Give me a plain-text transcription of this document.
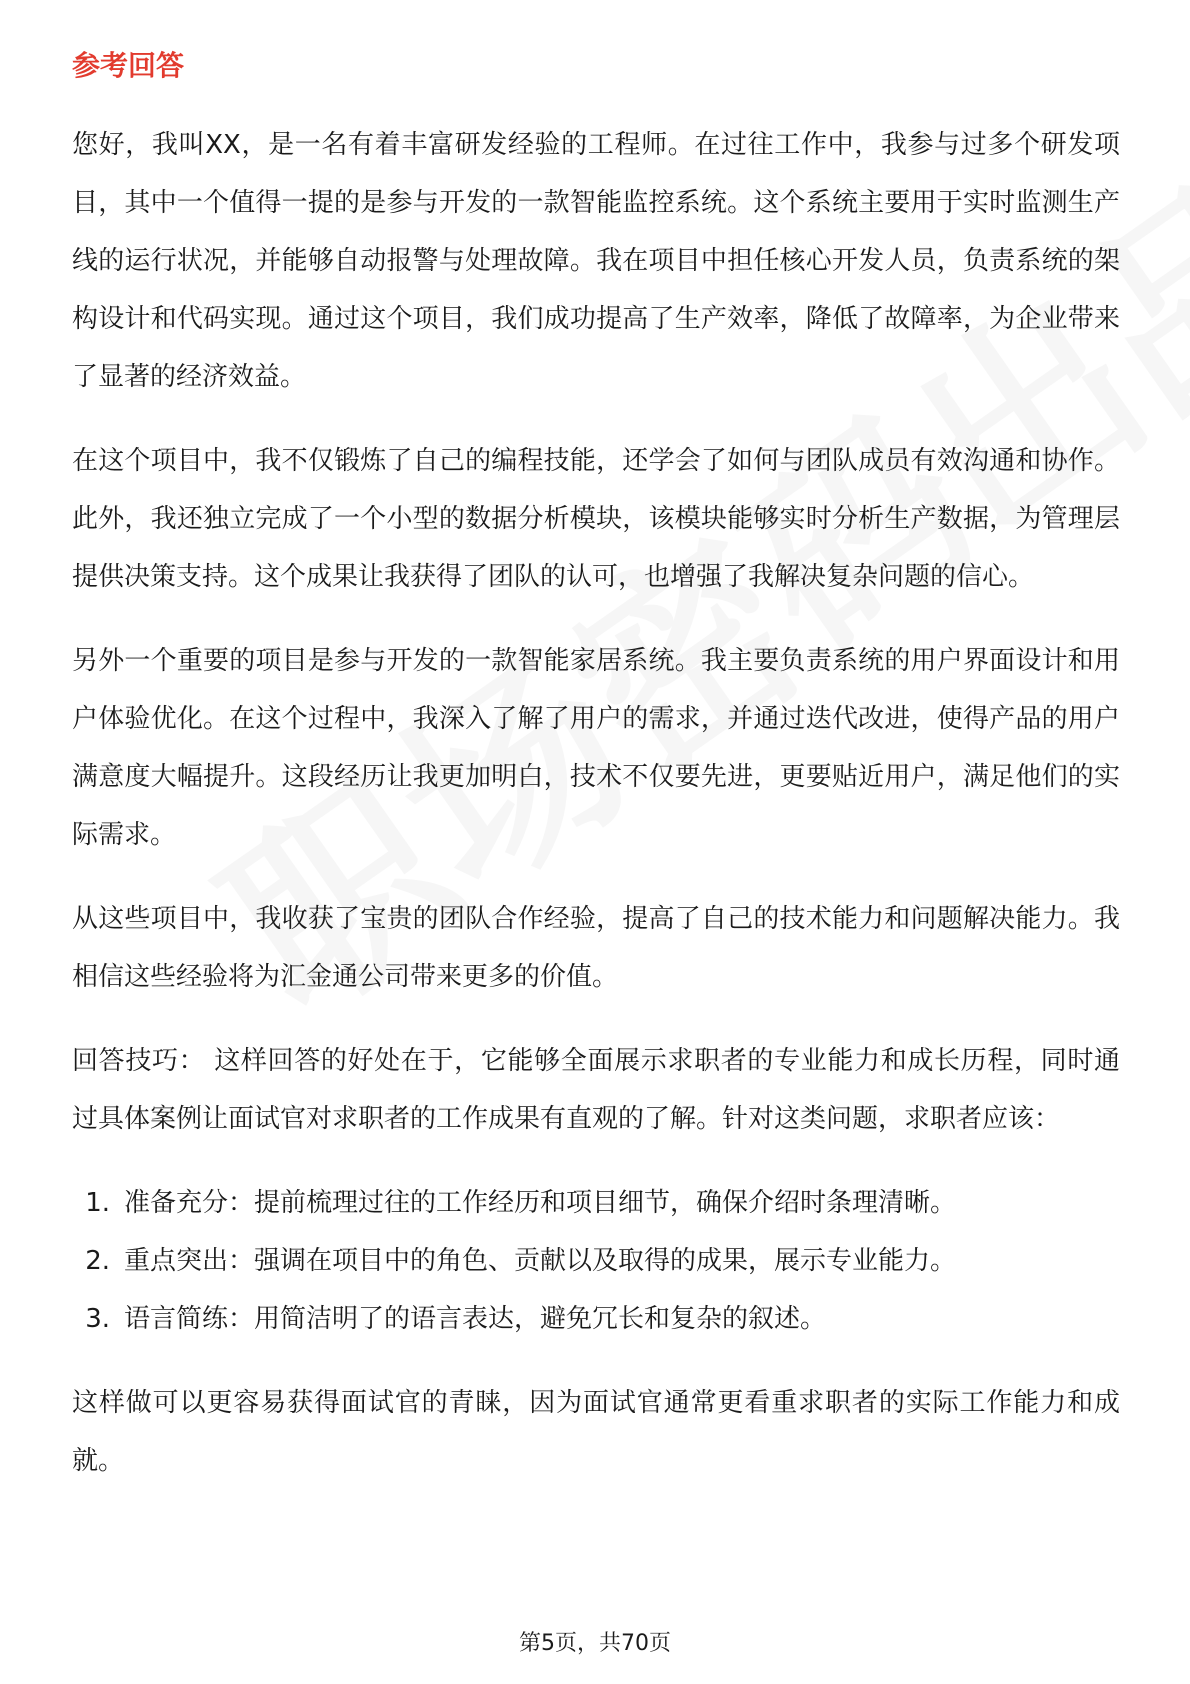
参考回答

您好，我叫XX，是一名有着丰富研发经验的工程师。在过往工作中，我参与过多个研发项目，其中一个值得一提的是参与开发的一款智能监控系统。这个系统主要用于实时监测生产线的运行状况，并能够自动报警与处理故障。我在项目中担任核心开发人员，负责系统的架构设计和代码实现。通过这个项目，我们成功提高了生产效率，降低了故障率，为企业带来了显著的经济效益。

在这个项目中，我不仅锻炼了自己的编程技能，还学会了如何与团队成员有效沟通和协作。此外，我还独立完成了一个小型的数据分析模块，该模块能够实时分析生产数据，为管理层提供决策支持。这个成果让我获得了团队的认可，也增强了我解决复杂问题的信心。

另外一个重要的项目是参与开发的一款智能家居系统。我主要负责系统的用户界面设计和用户体验优化。在这个过程中，我深入了解了用户的需求，并通过迭代改进，使得产品的用户满意度大幅提升。这段经历让我更加明白，技术不仅要先进，更要贴近用户，满足他们的实际需求。

从这些项目中，我收获了宝贵的团队合作经验，提高了自己的技术能力和问题解决能力。我相信这些经验将为汇金通公司带来更多的价值。

回答技巧： 这样回答的好处在于，它能够全面展示求职者的专业能力和成长历程，同时通过具体案例让面试官对求职者的工作成果有直观的了解。针对这类问题，求职者应该：

1. 准备充分：提前梳理过往的工作经历和项目细节，确保介绍时条理清晰。
2. 重点突出：强调在项目中的角色、贡献以及取得的成果，展示专业能力。
3. 语言简练：用简洁明了的语言表达，避免冗长和复杂的叙述。

这样做可以更容易获得面试官的青睐，因为面试官通常更看重求职者的实际工作能力和成就。

第5页，共70页
